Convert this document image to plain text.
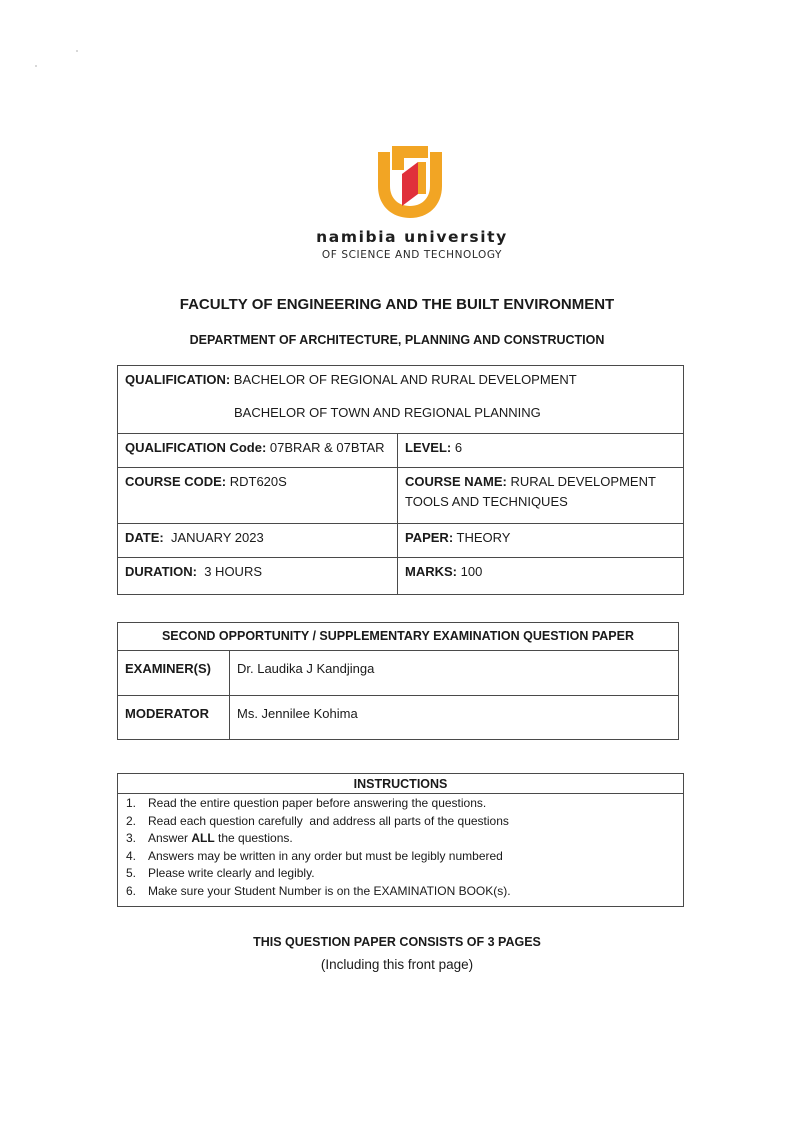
namibia university
OF SCIENCE AND TECHNOLOGY
FACULTY OF ENGINEERING AND THE BUILT ENVIRONMENT
DEPARTMENT OF ARCHITECTURE, PLANNING AND CONSTRUCTION
QUALIFICATION: BACHELOR OF REGIONAL AND RURAL DEVELOPMENT
BACHELOR OF TOWN AND REGIONAL PLANNING	

QUALIFICATION Code: 07BRAR & 07BTAR	LEVEL: 6
COURSE CODE: RDT620S	COURSE NAME: RURAL DEVELOPMENT
TOOLS AND TECHNIQUES

DATE:  JANUARY 2023	PAPER: THEORY
DURATION:  3 HOURS	MARKS: 100
SECOND OPPORTUNITY / SUPPLEMENTARY EXAMINATION QUESTION PAPER	
EXAMINER(S)	Dr. Laudika J Kandjinga
MODERATOR	Ms. Jennilee Kohima
INSTRUCTIONS
1. Read the entire question paper before answering the questions.
2. Read each question carefully  and address all parts of the questions
3. Answer ALL the questions.
4. Answers may be written in any order but must be legibly numbered
5. Please write clearly and legibly.
6. Make sure your Student Number is on the EXAMINATION BOOK(s).
THIS QUESTION PAPER CONSISTS OF 3 PAGES
(Including this front page)
